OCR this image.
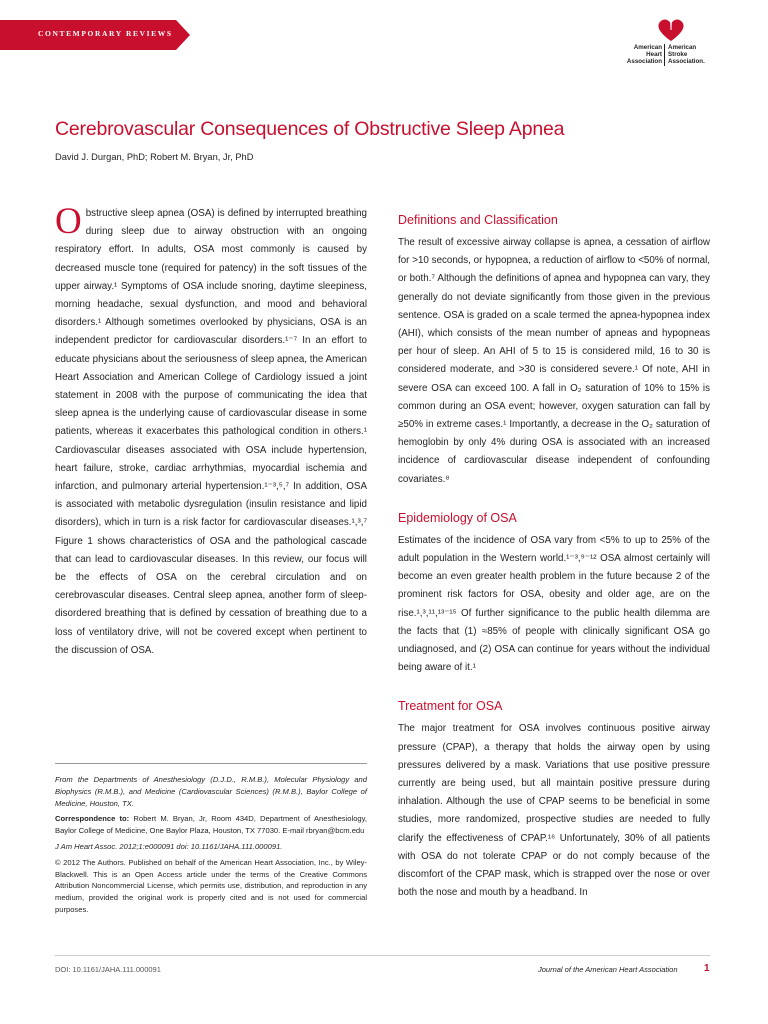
CONTEMPORARY REVIEWS
American
Heart
Association
American
Stroke
Association.
Cerebrovascular Consequences of Obstructive Sleep Apnea
David J. Durgan, PhD; Robert M. Bryan, Jr, PhD

Obstructive sleep apnea (OSA) is defined by interrupted breathing during sleep due to airway obstruction with an ongoing respiratory effort. In adults, OSA most commonly is caused by decreased muscle tone (required for patency) in the soft tissues of the upper airway.¹ Symptoms of OSA include snoring, daytime sleepiness, morning headache, sexual dysfunction, and mood and behavioral disorders.¹ Although sometimes overlooked by physicians, OSA is an independent predictor for cardiovascular disorders.¹⁻⁷ In an effort to educate physicians about the seriousness of sleep apnea, the American Heart Association and American College of Cardiology issued a joint statement in 2008 with the purpose of communicating the idea that sleep apnea is the underlying cause of cardiovascular disease in some patients, whereas it exacerbates this pathological condition in others.¹ Cardiovascular diseases associated with OSA include hypertension, heart failure, stroke, cardiac arrhythmias, myocardial ischemia and infarction, and pulmonary arterial hypertension.¹⁻³,⁵,⁷ In addition, OSA is associated with metabolic dysregulation (insulin resistance and lipid disorders), which in turn is a risk factor for cardiovascular diseases.¹,³,⁷ Figure 1 shows characteristics of OSA and the pathological cascade that can lead to cardiovascular diseases. In this review, our focus will be the effects of OSA on the cerebral circulation and on cerebrovascular diseases. Central sleep apnea, another form of sleep-disordered breathing that is defined by cessation of breathing due to a loss of ventilatory drive, will not be covered except when pertinent to the discussion of OSA.

Definitions and Classification

The result of excessive airway collapse is apnea, a cessation of airflow for >10 seconds, or hypopnea, a reduction of airflow to <50% of normal, or both.⁷ Although the definitions of apnea and hypopnea can vary, they generally do not deviate significantly from those given in the previous sentence. OSA is graded on a scale termed the apnea-hypopnea index (AHI), which consists of the mean number of apneas and hypopneas per hour of sleep. An AHI of 5 to 15 is considered mild, 16 to 30 is considered moderate, and >30 is considered severe.¹ Of note, AHI in severe OSA can exceed 100. A fall in O₂ saturation of 10% to 15% is common during an OSA event; however, oxygen saturation can fall by ≥50% in extreme cases.¹ Importantly, a decrease in the O₂ saturation of hemoglobin by only 4% during OSA is associated with an increased incidence of cardiovascular disease independent of confounding covariates.⁸

Epidemiology of OSA

Estimates of the incidence of OSA vary from <5% to up to 25% of the adult population in the Western world.¹⁻³,⁹⁻¹² OSA almost certainly will become an even greater health problem in the future because 2 of the prominent risk factors for OSA, obesity and older age, are on the rise.¹,³,¹¹,¹³⁻¹⁵ Of further significance to the public health dilemma are the facts that (1) ≈85% of people with clinically significant OSA go undiagnosed, and (2) OSA can continue for years without the individual being aware of it.¹

Treatment for OSA

The major treatment for OSA involves continuous positive airway pressure (CPAP), a therapy that holds the airway open by using pressures delivered by a mask. Variations that use positive pressure currently are being used, but all maintain positive pressure during inhalation. Although the use of CPAP seems to be beneficial in some studies, more randomized, prospective studies are needed to fully clarify the effectiveness of CPAP.¹⁶ Unfortunately, 30% of all patients with OSA do not tolerate CPAP or do not comply because of the discomfort of the CPAP mask, which is strapped over the nose or over both the nose and mouth by a headband. In

From the Departments of Anesthesiology (D.J.D., R.M.B.), Molecular Physiology and Biophysics (R.M.B.), and Medicine (Cardiovascular Sciences) (R.M.B.), Baylor College of Medicine, Houston, TX.

Correspondence to: Robert M. Bryan, Jr, Room 434D, Department of Anesthesiology, Baylor College of Medicine, One Baylor Plaza, Houston, TX 77030. E-mail rbryan@bcm.edu

J Am Heart Assoc. 2012;1:e000091 doi: 10.1161/JAHA.111.000091.

© 2012 The Authors. Published on behalf of the American Heart Association, Inc., by Wiley-Blackwell. This is an Open Access article under the terms of the Creative Commons Attribution Noncommercial License, which permits use, distribution, and reproduction in any medium, provided the original work is properly cited and is not used for commercial purposes.

DOI: 10.1161/JAHA.111.000091	Journal of the American Heart Association	1
